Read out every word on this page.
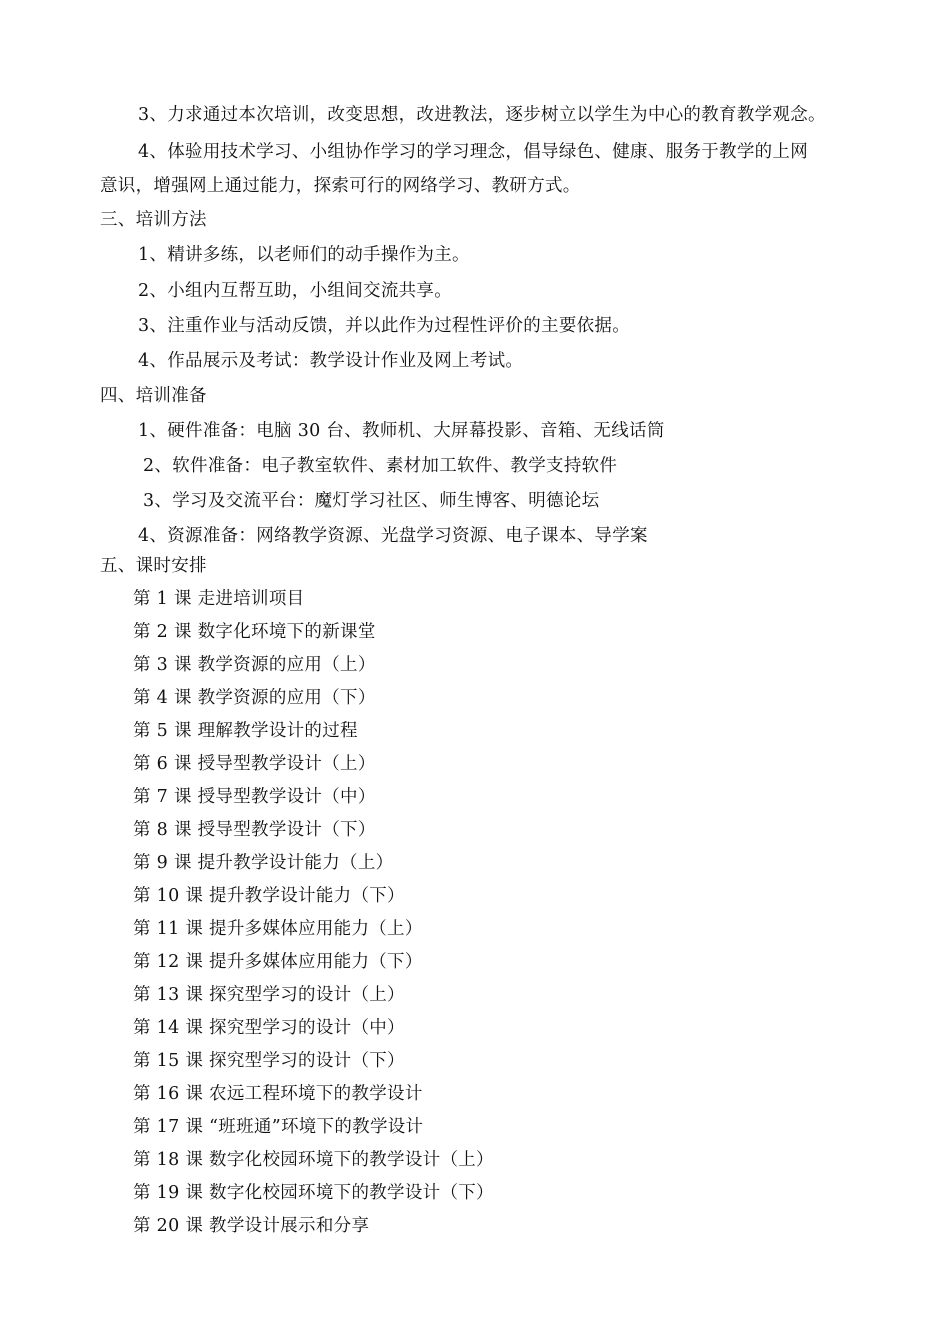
3、力求通过本次培训，改变思想，改进教法，逐步树立以学生为中心的教育教学观念。
4、体验用技术学习、小组协作学习的学习理念，倡导绿色、健康、服务于教学的上网
意识，增强网上通过能力，探索可行的网络学习、教研方式。
三、培训方法
1、精讲多练，以老师们的动手操作为主。
2、小组内互帮互助，小组间交流共享。
3、注重作业与活动反馈，并以此作为过程性评价的主要依据。
4、作品展示及考试：教学设计作业及网上考试。
四、培训准备
1、硬件准备：电脑 30 台、教师机、大屏幕投影、音箱、无线话筒
2、软件准备：电子教室软件、素材加工软件、教学支持软件
3、学习及交流平台：魔灯学习社区、师生博客、明德论坛
4、资源准备：网络教学资源、光盘学习资源、电子课本、导学案
五、课时安排
第 1 课 走进培训项目
第 2 课 数字化环境下的新课堂
第 3 课 教学资源的应用（上）
第 4 课 教学资源的应用（下）
第 5 课 理解教学设计的过程
第 6 课 授导型教学设计（上）
第 7 课 授导型教学设计（中）
第 8 课 授导型教学设计（下）
第 9 课 提升教学设计能力（上）
第 10 课 提升教学设计能力（下）
第 11 课 提升多媒体应用能力（上）
第 12 课 提升多媒体应用能力（下）
第 13 课 探究型学习的设计（上）
第 14 课 探究型学习的设计（中）
第 15 课 探究型学习的设计（下）
第 16 课 农远工程环境下的教学设计
第 17 课 “班班通”环境下的教学设计
第 18 课 数字化校园环境下的教学设计（上）
第 19 课 数字化校园环境下的教学设计（下）
第 20 课 教学设计展示和分享
